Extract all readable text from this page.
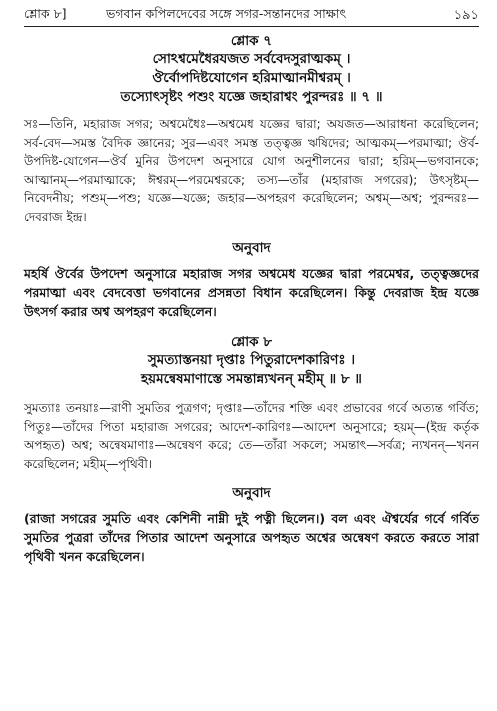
শ্লোক ৮]	ভগবান কপিলদেবের সঙ্গে সগর-সন্তানদের সাক্ষাৎ	১৯১
শ্লোক ৭
সোঽশ্বমেধৈরযজত সর্ববেদসুরাত্মকম্ ।
ঔর্বোপদিষ্টযোগেন হরিমাত্মানমীশ্বরম্ ।
তস্যোৎসৃষ্টং পশুং যজ্ঞে জহারাশ্বং পুরন্দরঃ ॥ ৭ ॥

সঃ—তিনি, মহারাজ সগর; অশ্বমেধৈঃ—অশ্বমেধ যজ্ঞের দ্বারা; অযজত—আরাধনা করেছিলেন; সর্ব-বেদ—সমস্ত বৈদিক জ্ঞানের; সুর—এবং সমস্ত তত্ত্বজ্ঞ ঋষিদের; আত্মকম্—পরমাত্মা; ঔর্ব-উপদিষ্ট-যোগেন—ঔর্ব মুনির উপদেশ অনুসারে যোগ অনুশীলনের দ্বারা; হরিম্—ভগবানকে; আত্মানম্—পরমাত্মাকে; ঈশ্বরম্—পরমেশ্বরকে; তস্য—তাঁর (মহারাজ সগরের); উৎসৃষ্টম্—নিবেদনীয়; পশুম্—পশু; যজ্ঞে—যজ্ঞে; জহার—অপহরণ করেছিলেন; অশ্বম্—অশ্ব; পুরন্দরঃ—দেবরাজ ইন্দ্র।

অনুবাদ

মহর্ষি ঔর্বের উপদেশ অনুসারে মহারাজ সগর অশ্বমেধ যজ্ঞের দ্বারা পরমেশ্বর, তত্ত্বজ্ঞদের পরমাত্মা এবং বেদবেত্তা ভগবানের প্রসন্নতা বিধান করেছিলেন। কিন্তু দেবরাজ ইন্দ্র যজ্ঞে উৎসর্গ করার অশ্ব অপহরণ করেছিলেন।

শ্লোক ৮
সুমত্যাস্তনয়া দৃপ্তাঃ পিতুরাদেশকারিণঃ ।
হয়মন্বেষমাণাস্তে সমন্তান্ন্যখনন্ মহীম্ ॥ ৮ ॥

সুমত্যাঃ তনয়াঃ—রাণী সুমতির পুত্রগণ; দৃপ্তাঃ—তাঁদের শক্তি এবং প্রভাবের গর্বে অত্যন্ত গর্বিত; পিতুঃ—তাঁদের পিতা মহারাজ সগরের; আদেশ-কারিণঃ—আদেশ অনুসারে; হয়ম্—(ইন্দ্র কর্তৃক অপহৃত) অশ্ব; অন্বেষমাণাঃ—অন্বেষণ করে; তে—তাঁরা সকলে; সমন্তাৎ—সর্বত্র; ন্যখনন্—খনন করেছিলেন; মহীম্—পৃথিবী।

অনুবাদ

(রাজা সগরের সুমতি এবং কেশিনী নাম্নী দুই পত্নী ছিলেন।) বল এবং ঐশ্বর্যের গর্বে গর্বিত সুমতির পুত্ররা তাঁদের পিতার আদেশ অনুসারে অপহৃত অশ্বের অন্বেষণ করতে করতে সারা পৃথিবী খনন করেছিলেন।
